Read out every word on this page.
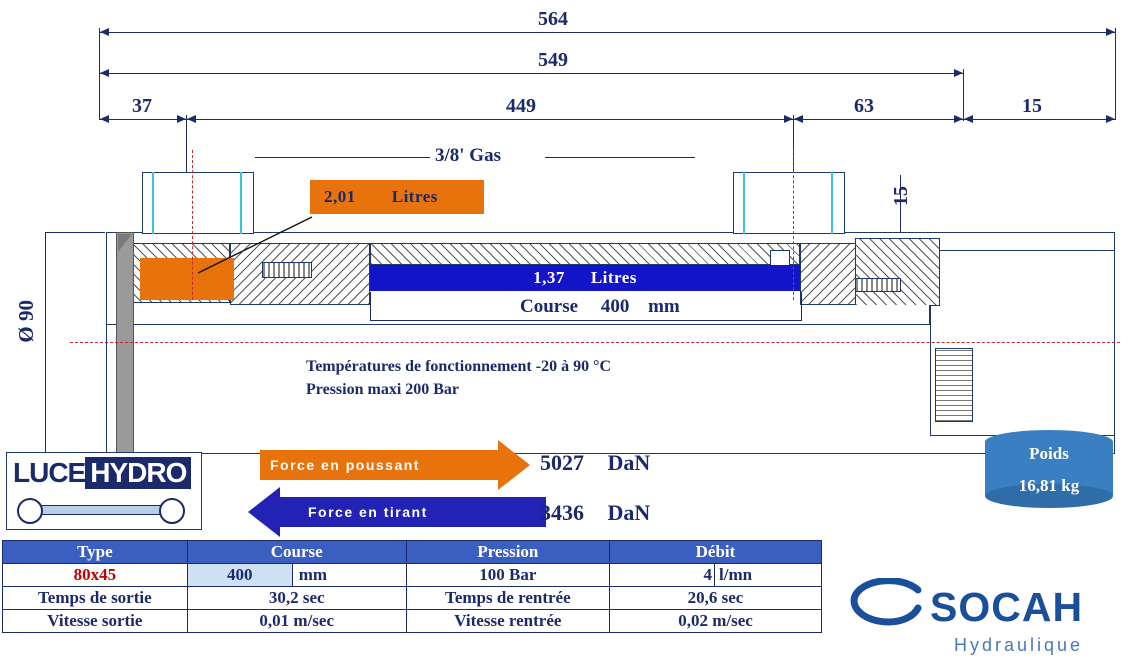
564
549
37	449	63	15
Ø 90
15
1,37 Litres
3/8' Gas
2,01 Litres
Course 400 mm
Températures de fonctionnement -20 à 90 °C
Pression maxi 200 Bar
Force en poussant	5027 DaN
Force en tirant	3436 DaN
LUCE HYDRO
Poids
16,81 kg
Type	Course		Pression	Débit	
80x45	400	mm	100 Bar	4	l/mn
Temps de sortie	30,2 sec		Temps de rentrée	20,6 sec	
Vitesse sortie	0,01 m/sec		Vitesse rentrée	0,02 m/sec		SOCAH
Hydraulique
